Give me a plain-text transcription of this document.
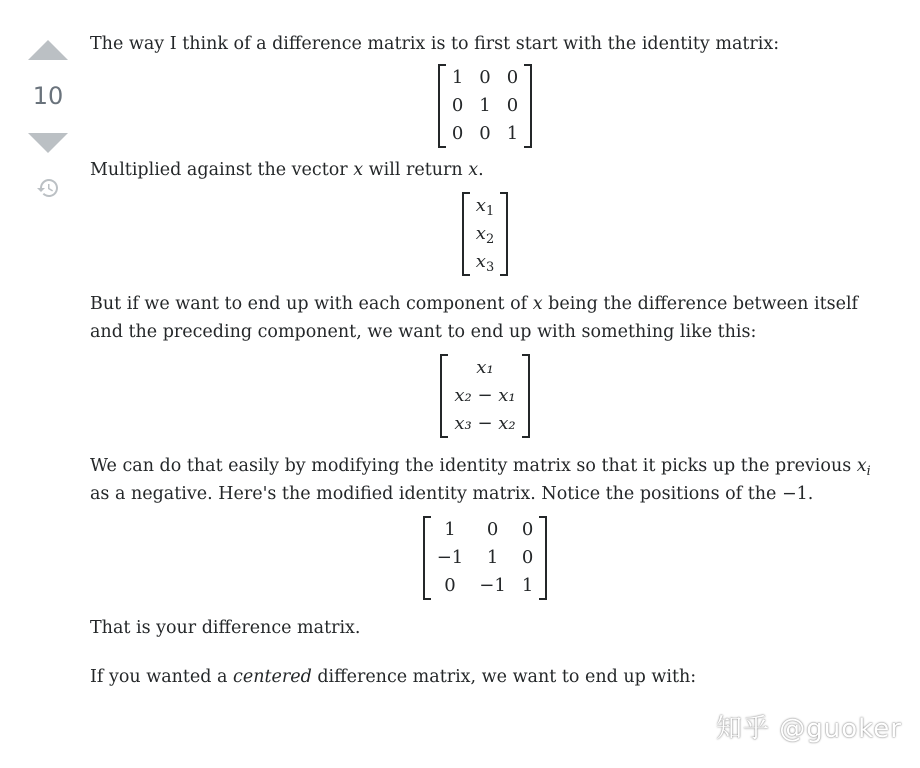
10

The way I think of a difference matrix is to first start with the identity matrix:

1	0	0
0	1	0
0	0	1

Multiplied against the vector x will return x.

$x_1$
$x_2$
$x_3$

But if we want to end up with each component of x being the difference between itself and the preceding component, we want to end up with something like this:

x₁
x₂ − x₁
x₃ − x₂

We can do that easily by modifying the identity matrix so that it picks up the previous $x_i$ as a negative. Here's the modified identity matrix. Notice the positions of the −1.

1	0	0
−1	1	0
0	−1	1

That is your difference matrix.

If you wanted a centered difference matrix, we want to end up with:

知乎 @guoker
